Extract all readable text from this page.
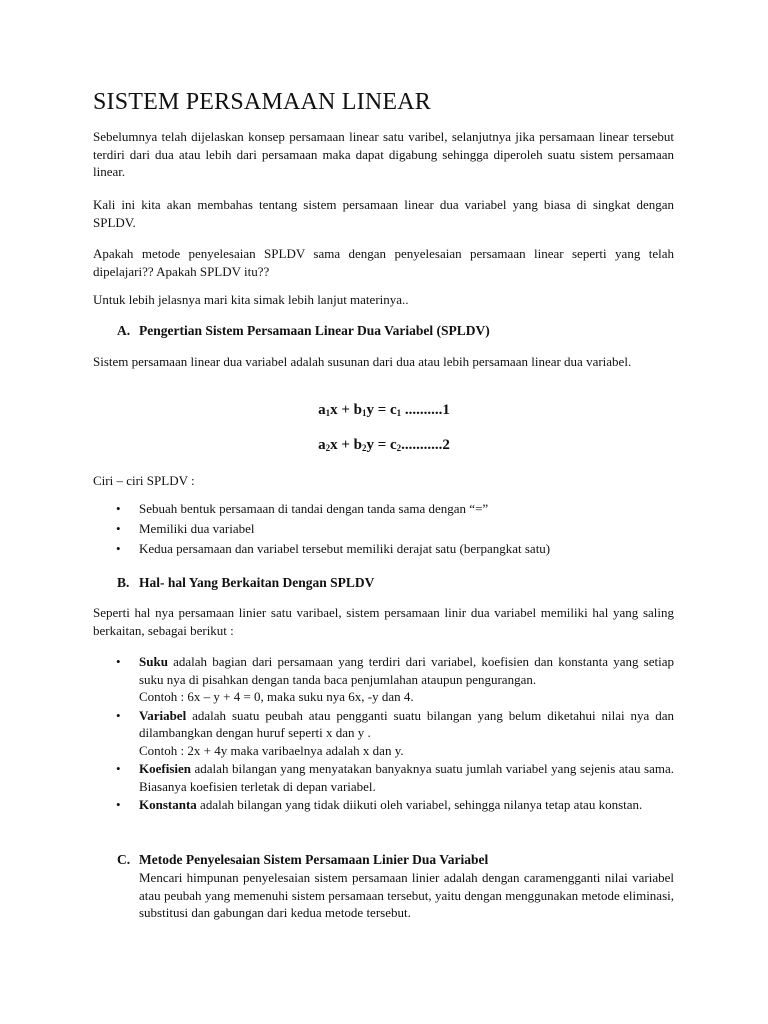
SISTEM PERSAMAAN LINEAR

Sebelumnya telah dijelaskan konsep persamaan linear satu varibel, selanjutnya jika persamaan linear tersebut terdiri dari dua atau lebih dari persamaan maka dapat digabung sehingga diperoleh suatu sistem persamaan linear.

Kali ini kita akan membahas tentang sistem persamaan linear dua variabel yang biasa di singkat dengan SPLDV.

Apakah metode penyelesaian SPLDV sama dengan penyelesaian persamaan linear seperti yang telah dipelajari?? Apakah SPLDV itu??

Untuk lebih jelasnya mari kita simak lebih lanjut materinya..

A. Pengertian Sistem Persamaan Linear Dua Variabel (SPLDV)

Sistem persamaan linear dua variabel adalah susunan dari dua atau lebih persamaan linear dua variabel.

$a_1x + b_1y = c_1$ ..........1
$a_2x + b_2y = c_2...........2$

Ciri – ciri SPLDV :

• Sebuah bentuk persamaan di tandai dengan tanda sama dengan “=”
• Memiliki dua variabel
• Kedua persamaan dan variabel tersebut memiliki derajat satu (berpangkat satu)

B. Hal- hal Yang Berkaitan Dengan SPLDV

Seperti hal nya persamaan linier satu varibael, sistem persamaan linir dua variabel memiliki hal yang saling berkaitan, sebagai berikut :

• Suku adalah bagian dari persamaan yang terdiri dari variabel, koefisien dan konstanta yang setiap suku nya di pisahkan dengan tanda baca penjumlahan ataupun pengurangan.
Contoh : 6x – y + 4 = 0, maka suku nya 6x, -y dan 4.
• Variabel adalah suatu peubah atau pengganti suatu bilangan yang belum diketahui nilai nya dan dilambangkan dengan huruf seperti x dan y .
Contoh : 2x + 4y maka varibaelnya adalah x dan y.
• Koefisien adalah bilangan yang menyatakan banyaknya suatu jumlah variabel yang sejenis atau sama. Biasanya koefisien terletak di depan variabel.
• Konstanta adalah bilangan yang tidak diikuti oleh variabel, sehingga nilanya tetap atau konstan.

C. Metode Penyelesaian Sistem Persamaan Linier Dua Variabel

Mencari himpunan penyelesaian sistem persamaan linier adalah dengan caramengganti nilai variabel atau peubah yang memenuhi sistem persamaan tersebut, yaitu dengan menggunakan metode eliminasi, substitusi dan gabungan dari kedua metode tersebut.
